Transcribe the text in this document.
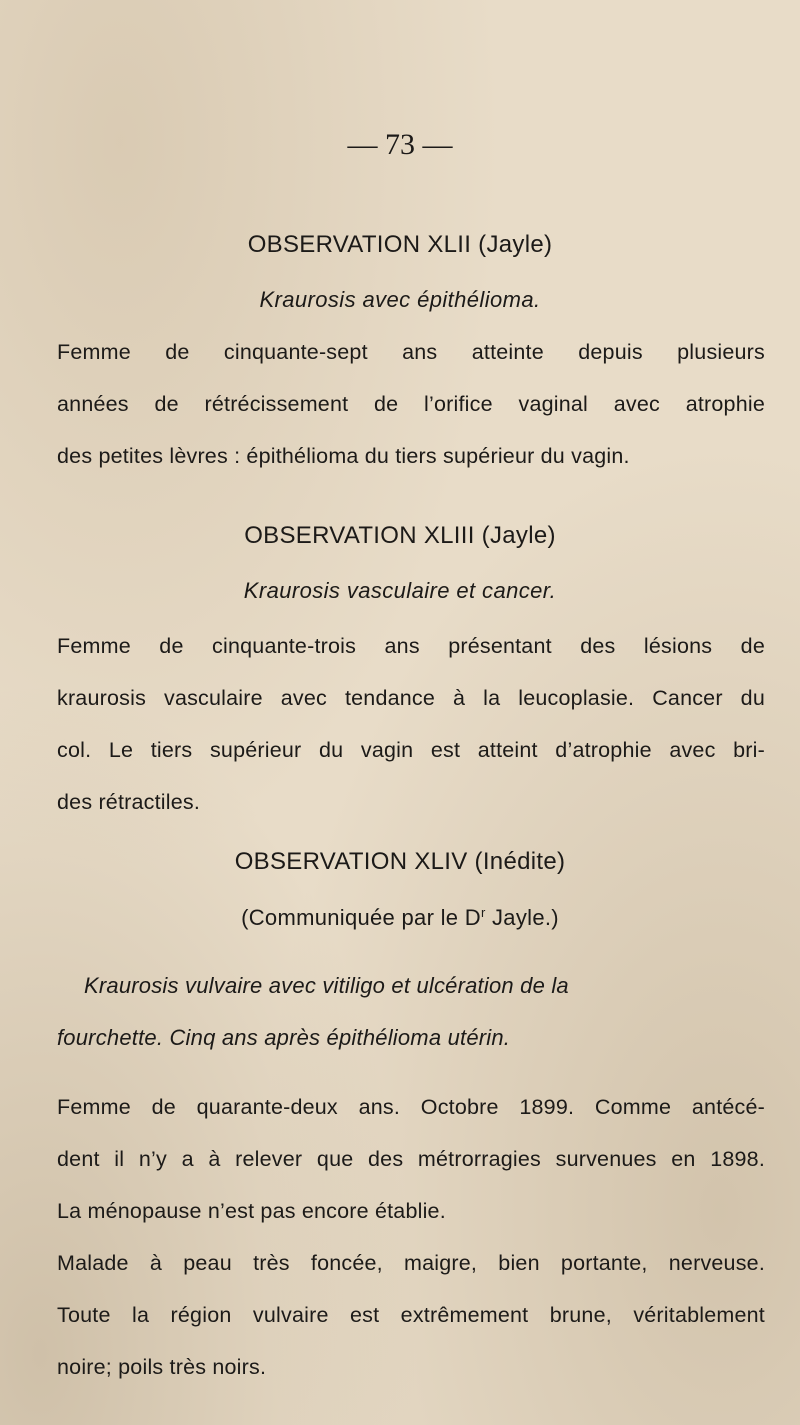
— 73 —
OBSERVATION XLII (Jayle)
Kraurosis avec épithélioma.
Femme de cinquante-sept ans atteinte depuis plusieurs
années de rétrécissement de l’orifice vaginal avec atrophie
des petites lèvres : épithélioma du tiers supérieur du vagin.
OBSERVATION XLIII (Jayle)
Kraurosis vasculaire et cancer.
Femme de cinquante-trois ans présentant des lésions de
kraurosis vasculaire avec tendance à la leucoplasie. Cancer du
col. Le tiers supérieur du vagin est atteint d’atrophie avec bri-
des rétractiles.
OBSERVATION XLIV (Inédite)
(Communiquée par le $D^r$ Jayle.)
Kraurosis vulvaire avec vitiligo et ulcération de la
fourchette. Cinq ans après épithélioma utérin.
Femme de quarante-deux ans. Octobre 1899. Comme antécé-
dent il n’y a à relever que des métrorragies survenues en 1898.
La ménopause n’est pas encore établie.
Malade à peau très foncée, maigre, bien portante, nerveuse.
Toute la région vulvaire est extrêmement brune, véritablement
noire; poils très noirs.
